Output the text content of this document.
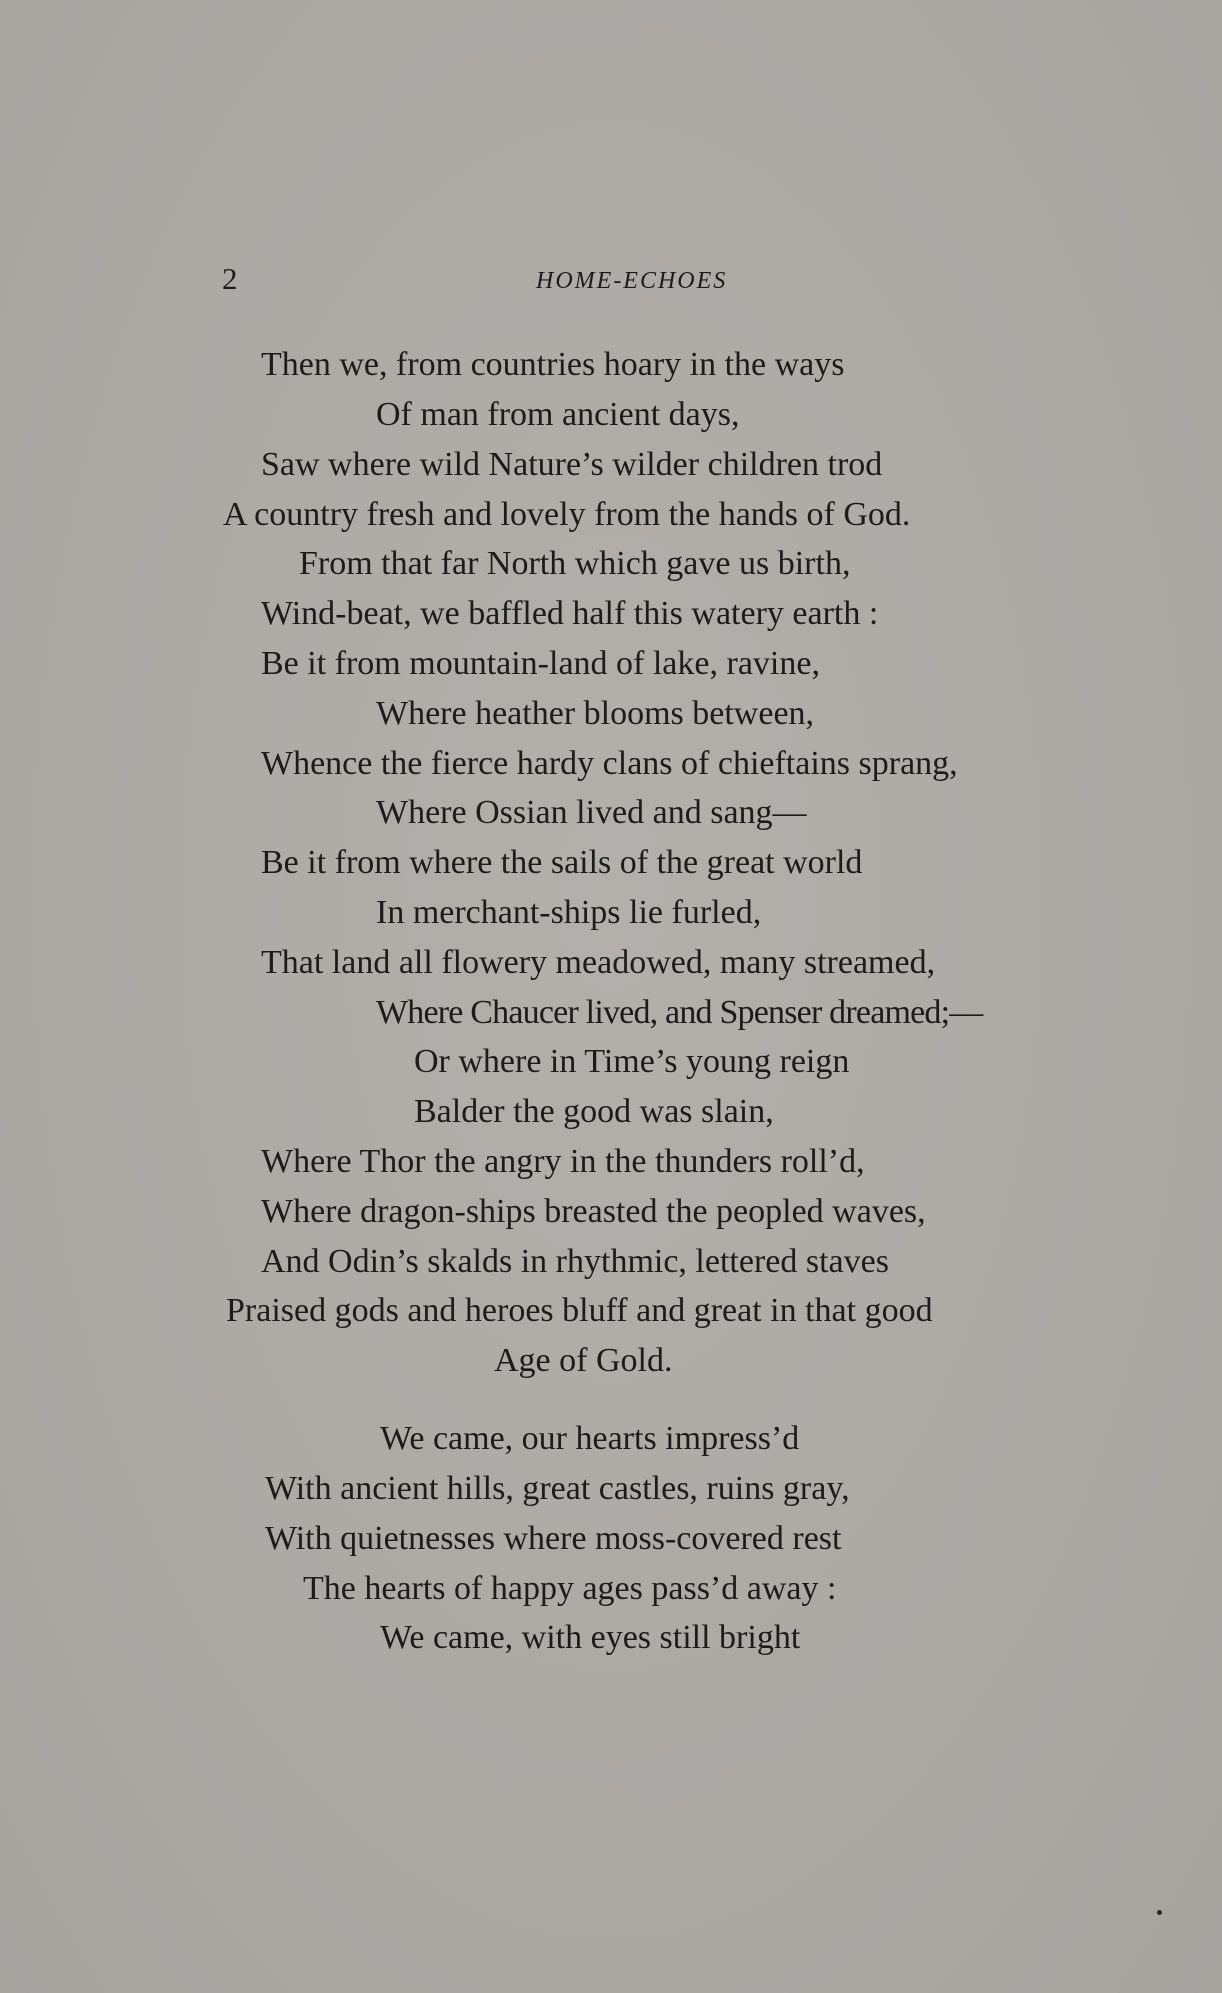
2	HOME-ECHOES
Then we, from countries hoary in the ways
Of man from ancient days,
Saw where wild Nature’s wilder children trod
A country fresh and lovely from the hands of God.
From that far North which gave us birth,
Wind-beat, we baffled half this watery earth :
Be it from mountain-land of lake, ravine,
Where heather blooms between,
Whence the fierce hardy clans of chieftains sprang,
Where Ossian lived and sang—
Be it from where the sails of the great world
In merchant-ships lie furled,
That land all flowery meadowed, many streamed,
Where Chaucer lived, and Spenser dreamed;—
Or where in Time’s young reign
Balder the good was slain,
Where Thor the angry in the thunders roll’d,
Where dragon-ships breasted the peopled waves,
And Odin’s skalds in rhythmic, lettered staves
Praised gods and heroes bluff and great in that good
Age of Gold.
We came, our hearts impress’d
With ancient hills, great castles, ruins gray,
With quietnesses where moss-covered rest
The hearts of happy ages pass’d away :
We came, with eyes still bright
